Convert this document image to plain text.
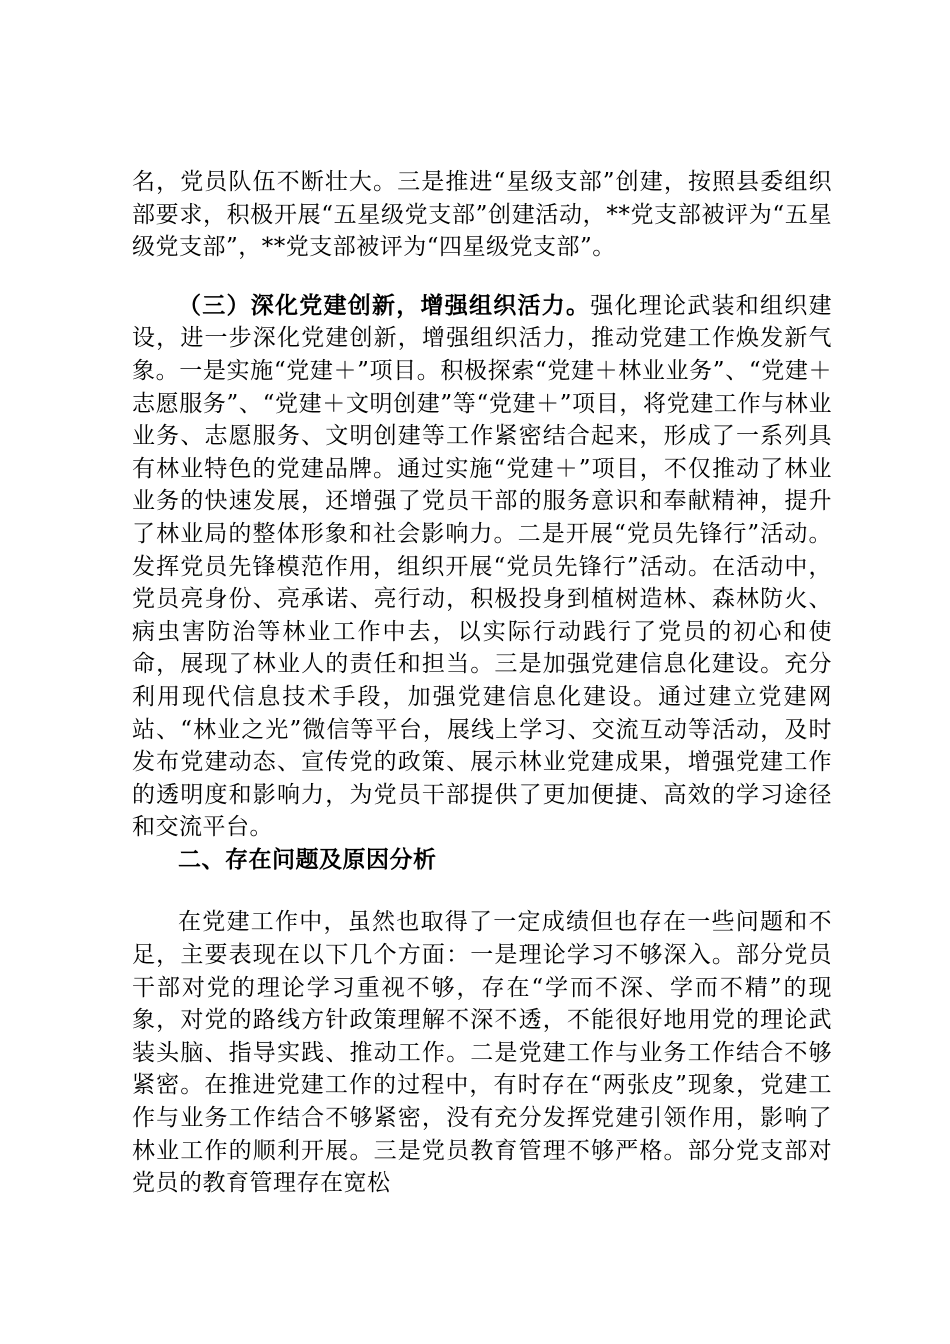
名，党员队伍不断壮大。三是推进“星级支部”创建，按照县委组织部要求，积极开展“五星级党支部”创建活动，**党支部被评为“五星级党支部”，**党支部被评为“四星级党支部”。

（三）深化党建创新，增强组织活力。强化理论武装和组织建设，进一步深化党建创新，增强组织活力，推动党建工作焕发新气象。一是实施“党建＋”项目。积极探索“党建＋林业业务”、“党建＋志愿服务”、“党建＋文明创建”等“党建＋”项目，将党建工作与林业业务、志愿服务、文明创建等工作紧密结合起来，形成了一系列具有林业特色的党建品牌。通过实施“党建＋”项目，不仅推动了林业业务的快速发展，还增强了党员干部的服务意识和奉献精神，提升了林业局的整体形象和社会影响力。二是开展“党员先锋行”活动。发挥党员先锋模范作用，组织开展“党员先锋行”活动。在活动中，党员亮身份、亮承诺、亮行动，积极投身到植树造林、森林防火、病虫害防治等林业工作中去，以实际行动践行了党员的初心和使命，展现了林业人的责任和担当。三是加强党建信息化建设。充分利用现代信息技术手段，加强党建信息化建设。通过建立党建网站、“林业之光”微信等平台，展线上学习、交流互动等活动，及时发布党建动态、宣传党的政策、展示林业党建成果，增强党建工作的透明度和影响力，为党员干部提供了更加便捷、高效的学习途径和交流平台。

二、存在问题及原因分析

在党建工作中，虽然也取得了一定成绩但也存在一些问题和不足，主要表现在以下几个方面：一是理论学习不够深入。部分党员干部对党的理论学习重视不够，存在“学而不深、学而不精”的现象，对党的路线方针政策理解不深不透，不能很好地用党的理论武装头脑、指导实践、推动工作。二是党建工作与业务工作结合不够紧密。在推进党建工作的过程中，有时存在“两张皮”现象，党建工作与业务工作结合不够紧密，没有充分发挥党建引领作用，影响了林业工作的顺利开展。三是党员教育管理不够严格。部分党支部对党员的教育管理存在宽松
